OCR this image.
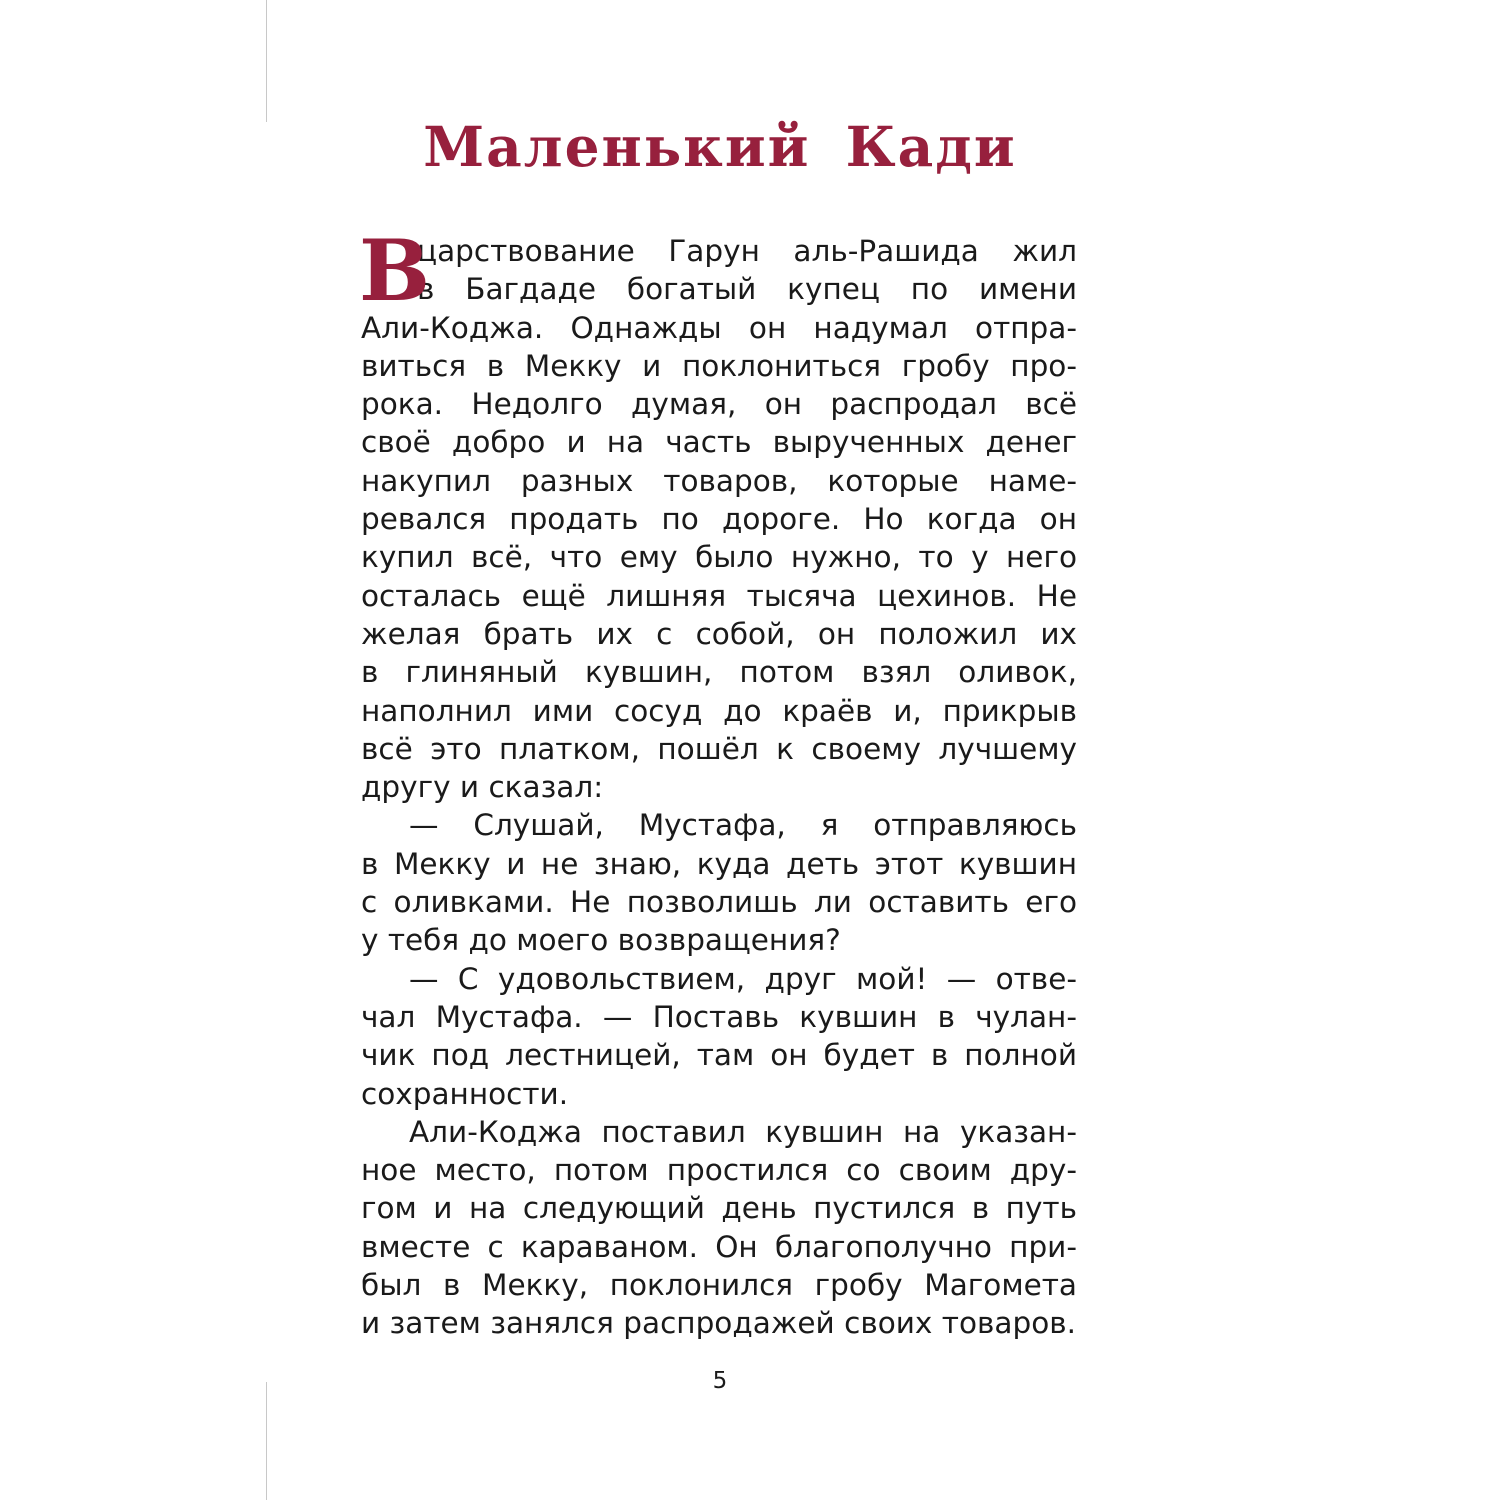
Маленький Кади
В
царствование Гарун аль-Рашида жил
в Багдаде богатый купец по имени
Али-Коджа. Однажды он надумал отпра-
виться в Мекку и поклониться гробу про-
рока. Недолго думая, он распродал всё
своё добро и на часть вырученных денег
накупил разных товаров, которые наме-
ревался продать по дороге. Но когда он
купил всё, что ему было нужно, то у него
осталась ещё лишняя тысяча цехинов. Не
желая брать их с собой, он положил их
в глиняный кувшин, потом взял оливок,
наполнил ими сосуд до краёв и, прикрыв
всё это платком, пошёл к своему лучшему
другу и сказал:
— Слушай, Мустафа, я отправляюсь
в Мекку и не знаю, куда деть этот кувшин
с оливками. Не позволишь ли оставить его
у тебя до моего возвращения?
— С удовольствием, друг мой! — отве-
чал Мустафа. — Поставь кувшин в чулан-
чик под лестницей, там он будет в полной
сохранности.
Али-Коджа поставил кувшин на указан-
ное место, потом простился со своим дру-
гом и на следующий день пустился в путь
вместе с караваном. Он благополучно при-
был в Мекку, поклонился гробу Магомета
и затем занялся распродажей своих товаров.
5
